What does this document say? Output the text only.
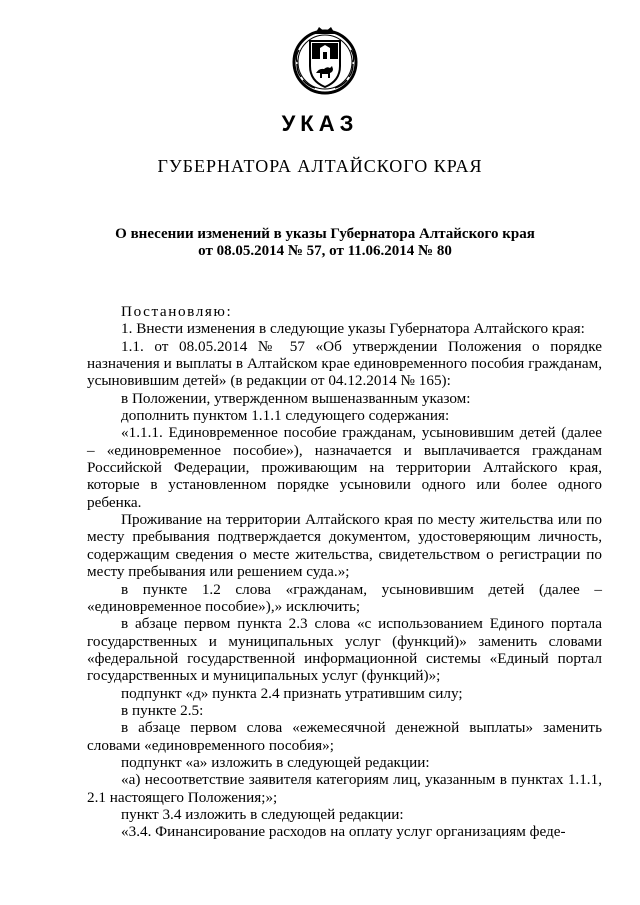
УКАЗ
ГУБЕРНАТОРА АЛТАЙСКОГО КРАЯ
О внесении изменений в указы Губернатора Алтайского края
от 08.05.2014 № 57, от 11.06.2014 № 80

Постановляю:

1. Внести изменения в следующие указы Губернатора Алтайского края:

1.1. от 08.05.2014 № 57 «Об утверждении Положения о порядке назначения и выплаты в Алтайском крае единовременного пособия гражданам, усыновившим детей» (в редакции от 04.12.2014 № 165):

в Положении, утвержденном вышеназванным указом:

дополнить пунктом 1.1.1 следующего содержания:

«1.1.1. Единовременное пособие гражданам, усыновившим детей (далее – «единовременное пособие»), назначается и выплачивается гражданам Российской Федерации, проживающим на территории Алтайского края, которые в установленном порядке усыновили одного или более одного ребенка.

Проживание на территории Алтайского края по месту жительства или по месту пребывания подтверждается документом, удостоверяющим личность, содержащим сведения о месте жительства, свидетельством о регистрации по месту пребывания или решением суда.»;

в пункте 1.2 слова «гражданам, усыновившим детей (далее – «единовременное пособие»),» исключить;

в абзаце первом пункта 2.3 слова «с использованием Единого портала государственных и муниципальных услуг (функций)» заменить словами «федеральной государственной информационной системы «Единый портал государственных и муниципальных услуг (функций)»;

подпункт «д» пункта 2.4 признать утратившим силу;

в пункте 2.5:

в абзаце первом слова «ежемесячной денежной выплаты» заменить словами «единовременного пособия»;

подпункт «а» изложить в следующей редакции:

«а) несоответствие заявителя категориям лиц, указанным в пунктах 1.1.1, 2.1 настоящего Положения;»;

пункт 3.4 изложить в следующей редакции:

«3.4. Финансирование расходов на оплату услуг организациям феде-
